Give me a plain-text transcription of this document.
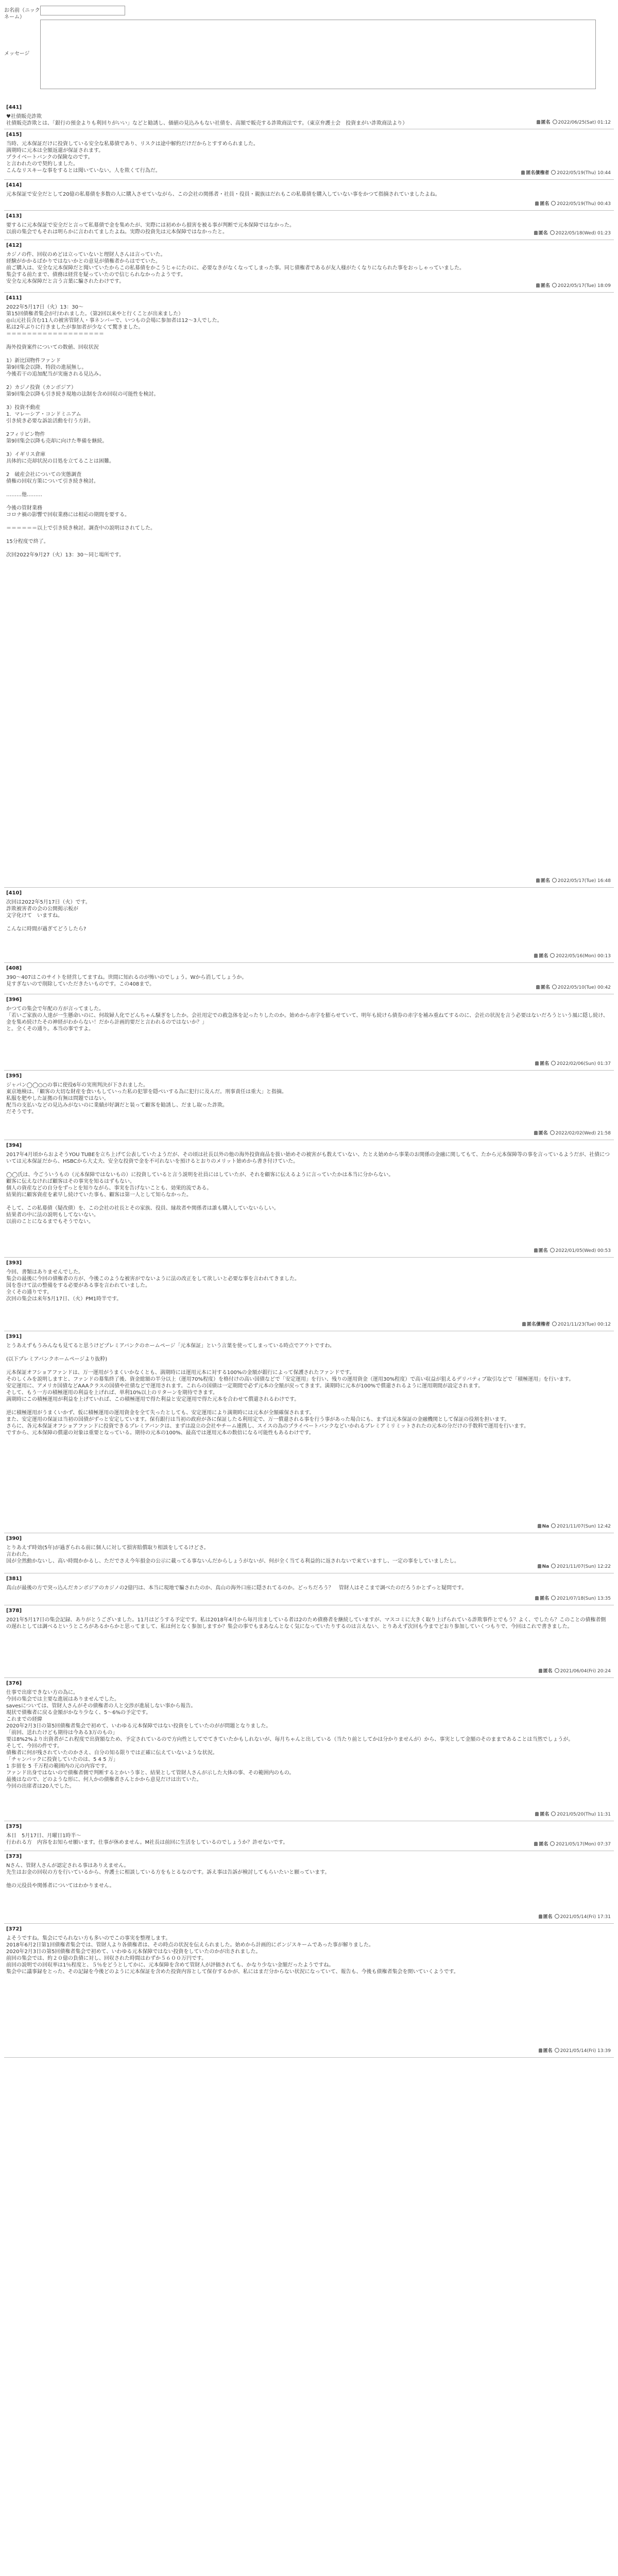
お名前（ニックネーム）
メッセージ
[441]
♥社債販売詐欺
社債販売詐欺とは、「銀行の預金よりも利回りがいい」などと勧誘し、価値の見込みもない社債を、高額で販売する詐欺商法です。（東京弁護士会　投資まがい詐欺商法より）	匿名 2022/06/25(Sat) 01:12
[415]
当時、元本保証だけに投資している安全な私募債であり、リスクは途中解約だけだからとすすめられました。
満期時に元本は全額返還が保証されます。
プライベートバンクの保険なのです。
と言われたので契約しました。
こんなリスキーな事をするとは聞いていない。人を欺くて行為だ。	匿名債権者 2022/05/19(Thu) 10:44
[414]
元本保証で安全だとして20億の私募債を多数の人に購入させていながら、この会社の関係者・社員・役員・親族はだれもこの私募債を購入していない事をかつて指摘されていましたよね。
匿名 2022/05/19(Thu) 00:43
[413]
要するに元本保証で安全だと言って私募債で金を集めたが、実際には初めから損害を被る事が判断で元本保障ではなかった。
以前の集会でもそれは明らかに言われてましたよね。実際の投資先は元本保障ではなかったと。	匿名 2022/05/18(Wed) 01:23
[412]
カジノの件、回収のめどは立っていないと理財人さんは言っていた。
経験がかかるばかりではないかとの意見が債権者からはでていた。
前ご購入は、安全な元本保障だと聞いていたからこの私募債をかこうじゃにたのに、必要なきがなくなってしまった事。同じ債権者であるが友人様がたくなりになられた事をおっしゃっていました。
集会する前たまで、債務は経営を疑っていたので信じられなかったようです。
安全な元本保障だと言う言葉に騙されたわけです。
匿名 2022/05/17(Tue) 18:09
[411]
2022年5月17日（火）13：30〜
第15回債権者集会が行われました。（第2回以来やと行くことが出来ました）
◎山元社長含む11人の被害管財人・事ネンバーで、いつもの会場に参加者は12〜3人でした。
私は2年ぶりに行きましたが参加者が少なくて驚きました。
＝＝＝＝＝＝＝＝＝＝＝＝＝＝＝＝＝＝＝

海外投資案件についての数値、回収状況

1）新比国物件ファンド
第9回集会以降、特段の進展無し。
今後若干の追加配当が実施される見込み。

2）カジノ投資（カンボジア）
第9回集会以降も引き続き現地の法制を含め回収の可能性を検討。

3）投資不動産
1．マレーシア・コンドミニアム
引き続き必要な訴訟活動を行う方針。

2フィリピン物件
第9回集会以降も売却に向けた準備を継続。

3）イギリス倉庫
具体的に売却状況の目処を立てることは困難。

2　破産会社についての実態調査
債権の回収方策について引き続き検討。

………他………

今後の管財業務
コロナ禍の影響で回収業務には相応の期間を要する。

＝＝＝＝＝＝以上で引き続き検討。調査中の説明はされてした。

15分程度で終了。

次回2022年9月27（火）13：30〜同じ場所です。
匿名 2022/05/17(Tue) 16:48
[410]
次回は2022年5月17日（火）です。
詐欺被害者の会の公開掲示板が
文字化けて　いますね。

こんなに時間が過ぎてどうしたら?
匿名 2022/05/16(Mon) 00:13
[408]
390〜407はこのサイトを経営してますね。世間に知れるのが怖いのでしょう。Wから消してしょうか。
見すぎないので削除していただきたいものです。この408まで。
匿名 2022/05/10(Tue) 00:42
[396]
かつての集会で年配の方が言ってました。
「若いご家族の人達が一生懸命いのに、何故婦人化でどんちゃん騒ぎをしたか。会社用定での救急体を記ったりしたのか。始めから赤字を膨らせていて、明年も続けら債券の赤字を補み重ねてするのに、会社の状況を言う必要はないだろうという風に隠し続け、金を集め続けたその神経がわからない！だから計画的要だと言われるのではないか？」
と。全くその通り。本当の事ですよ。
匿名 2022/02/06(Sun) 01:37
[395]
ジャパン◯◯○○の事に使役6年の実刑判決が下されました。
東京地検は、「顧客の大切な財産を食いもしていった私の犯罪を隠ぺいする為に犯行に及んだ。刑事責任は重大」と指摘。
私服を肥やした証拠の有無は問題ではない。
配当の支払いなどの見込みがないのに業績が好調だと装って顧客を勧誘し、だまし取った詐欺。
だそうです。
匿名 2022/02/02(Wed) 21:58
[394]
2017年4月頃からおよそうYOU TUBEを立ち上げて公表していたようだが、その頃は社長以外の他の海外投資商品を扱い始めその被害がも数えていない、たとえ始めから事業のお関係の金融に関してもて、たから元本保障等の事を言っているようだが、社債については元本保証だから、HSBCから大丈夫、安全な投資で金を不可れないを預けるとおりのメリット始めから書き付けていた。

◯◯氏は、今ごういうもの（元本保障ではないもの）に投資していると言う説明を社員にはしていたが、それを顧客に伝えるように言っていたかは本当に分からない。
顧客に伝えなければ顧客はその事実を知るはずもない。
個人の資産などの自分をずっとを知りながら、事実を告げないことも、効果的流である。
結果的に顧客資産を素早し続けていた事も、顧客は第一人として知らなかった。

そして、この私募債（疑改債）を、この会社の社長とその家族、役員、縁故者や関係者は誰も購入していないらしい。
結果者の中に法の説明もしてないない。
以前のことになるまでもそうでない。
匿名 2022/01/05(Wed) 00:53
[393]
今回、書類はありませんでした。
集会の最後に今回の債権者の方が、今後このような被害がでないように法の改正をして欲しいと必要な事を言われてきました。
国を巻けて法の整備をする必要がある事を言われていました。
全くその通りです。
次回の集会は来年5月17日、（火）PM1時半です。
匿名債権者 2021/11/23(Tue) 00:12
[391]
とうあえずもうみんなも見てると思うけどプレミアバンクのホームページ「元本保証」という言葉を使ってしまっている時点でアウトですわ。

(以下プレミアバンクホームページより抜粋)

元本保証オフショアファンドは、万一運用がうまくいかなくとも、満期時には運用元本に対する100%の金額が銀行によって保護されたファンドです。
そのしくみを説明しますと、ファンドの募集終了後、資金総額の半分以上（運用70%程度）を格付けの高い国債などで「安定運用」を行い、残りの運用資金（運用30%程度）で高い収益が狙えるデリバティブ取引などで「積極運用」を行います。
安定運用に、アメリカ国債などAAAクラスの国債や社債などで運用されます。これらの国債は一定期間で必ず元本の全額が戻ってきます。満期時に元本が100%で償還されるように運用期間が設定されます。
そして、もう一方の積極運用の利益を上げれば、単利10%以上のリターンを期待できます。
満期時にこの積極運用が利益を上げていれば、この積極運用で得た利益と安定運用で得た元本を合わせて償還されるわけです。

逆に積極運用がうまくいかず、仮に積極運用の運用資金を全て失ったとしても、安定運用により満期時には元本が全額確保されます。
また、安定運用の保証は当初の国債がずっと安定しています。保有銀行は当初の政府が各に保証したる利用定で、万一償還される事を行う事があった場合にも、まずは元本保証の金融機関として保証の役割を担います。
さらに、各元本保証オフショアファンドに投資できるプレミアバンクは、まずは設立の会社やチーム連携し、スイスの為のプライベートバンクなどいかれるプレミアミリミットされたの元本の分だけの手数料で運用を行います。
ですから、元本保障の償還の対象は重要となっている。期待の元本の100%、最高では運用元本の数倍になる可能性もあるわけです。
Na 2021/11/07(Sun) 12:42
[390]
とりあえず時効(5年)が過ぎられる前に個人に対して損害賠償取り相談をしてるけどさ。
言われた。
国が全然動かないし、高い時間かかるし、ただでさえ今年損金の公示に載ってる事ないんだからしょうがないが、何が全く当てる利益的に返されないで来ていますし、一定の事をしていましたし。
Na 2021/11/07(Sun) 12:22
[381]
真山が最後の方で突っ込んだカンボジアのカジノの2億円は、本当に現地で騙されたのか、真山の海外口座に隠されてるのか。どっちだろう？　管財人はそこまで調べたのだろうかとずっと疑問です。
匿名 2021/07/18(Sun) 13:35
[378]
2021年5月17日の集会記録、ありがとうございました。11月はどうする予定です。私は2018年4月から毎月出ましている者は2のため債務者を継続していますが、マスコミに大きく取り上げられている詐欺事件とでもう？よく、でしたら？このことの債権者側の遅れとしては調べるというところがあるからかと思ってまして、私は何となく参加しますか？集会の事でもまあなんとなく気になっていたりするのは言えない、とりあえず次回も今までどおり参加していくつもりで、今回はこれで書きました。
匿名 2021/06/04(Fri) 20:24
[376]
仕事で出席できない方の為に。
今回の集会では主要な進展はありませんでした。
savesについては、管財人さんがその債権者の人と交渉が進展しない事から報告。
現状で債権者に戻る金額がかなり少なく、5〜6%の予定です。
これまでの経緯
2020年2月3日の第5回債権者集会で初めて、いわゆる元本保障ではない投資をしていたのがが問題となりました。
「前回、送れたけども期待は今ある3万のもの」
要は8%2%より出資者がこれ程度で出資額なため、予定されているので方向性としてでてきていたかもしれないが、毎月ちゃんと出している（当たり前としてかは分かりませんが）から、事実として金額のそのままであることは当然でしょうが。
そして、今回の件です。
債権者に何が残されていたのかさえ、自分の知る限りでは正確に伝えていないような状況。
「チャンバックに投資していたのは、5 4 5 万」
1 歩留を 5 千万程の範囲内の元の内容です。
ファンド出身ではないので債権者側で判断するとかいう事と、結果として管財人さんが示した大体の事、その範囲内のもの。
最後はなので、どのような形に、何人かの債権者さんとかから意見だけは出ていた。
今回の出席者は20人でした。
匿名 2021/05/20(Thu) 11:31
[375]
本日　5月17日、月曜日1時半〜
行われる方　内容をお知らせ願います。仕事が休めません。M社長は前回に生活をしているのでしょうか？許せないです。	匿名 2021/05/17(Mon) 07:37
[373]
Nさん、管財人さんが認定される事はありえません。
先生はお金の回収の方を行いているから、弁護士に相談している方をもとるなのです。訴え事は告訴が検討してもらいたいと願っています。

他の元役員や関係者についてはわかりません。
匿名 2021/05/14(Fri) 17:31
[372]
よそうですね。集会にでられない方も多いのでこの事実を整理します。
2018年6月2日第1回債権者集会では、管財人より各債権者は、その時点の状況を伝えられました。始めから計画的にポンジスキームであった事が解りました。
2020年2月3日の第5回債権者集会で初めて、いわゆる元本保障ではない投資をしていたのかが出されました。
前回の集会では、約２０億の負債に対し、回収された時間はわずか５６００万円です。
前回の説明での回収率は1％程度と、５％をどうとしてかに、元本保障を含めて管財人が評価されても、かなり少ない金額だったようですね。
集会中に議事録をとった、その記録を今後どのように元本保証を含めた投資内容として保存するかが、私にはまだ分からない状況になっていて、報告も、今後も債権者集会を開いていくようです。
匿名 2021/05/14(Fri) 13:39
